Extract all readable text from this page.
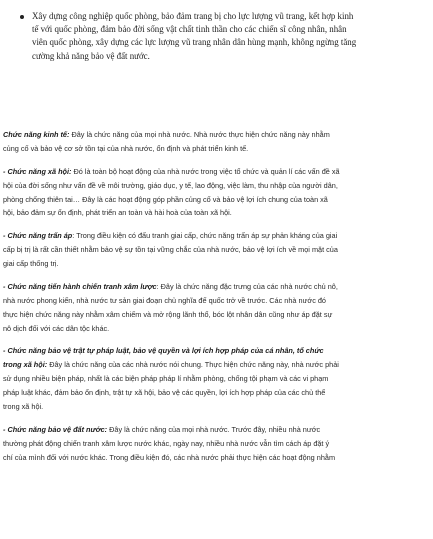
Xây dựng công nghiệp quốc phòng, bảo đảm trang bị cho lực lượng vũ trang, kết hợp kinh
tế với quốc phòng, đảm bảo đời sống vật chất tinh thần cho các chiến sĩ công nhân, nhân
viên quốc phòng, xây dựng các lực lượng vũ trang nhân dân hùng mạnh, không ngừng tăng
cường khả năng bảo vệ đất nước.

Chức năng kinh tế: Đây là chức năng của mọi nhà nước. Nhà nước thực hiện chức năng này nhằm
củng cố và bảo vệ cơ sở tồn tại của nhà nước, ổn định và phát triển kinh tế.

- Chức năng xã hội: Đó là toàn bộ hoạt động của nhà nước trong việc tổ chức và quản lí các vấn đề xã
hội của đời sống như vấn đề về môi trường, giáo dục, y tế, lao động, việc làm, thu nhập của người dân,
phòng chống thiên tai… Đây là các hoạt động góp phần củng cố và bảo vệ lợi ích chung của toàn xã
hội, bảo đảm sự ổn định, phát triển an toàn và hài hoà của toàn xã hội.

- Chức năng trấn áp: Trong điều kiện có đấu tranh giai cấp, chức năng trấn áp sự phản kháng của giai
cấp bị trị là rất cần thiết nhằm bảo vệ sự tồn tại vững chắc của nhà nước, bảo vệ lợi ích về mọi mặt của
giai cấp thống trị.

- Chức năng tiến hành chiến tranh xâm lược: Đây là chức năng đặc trưng của các nhà nước chủ nô,
nhà nước phong kiến, nhà nước tư sản giai đoạn chủ nghĩa đế quốc trở về trước. Các nhà nước đó
thực hiện chức năng này nhằm xâm chiếm và mở rộng lãnh thổ, bóc lột nhân dân cũng như áp đặt sự
nô dịch đối với các dân tộc khác.

- Chức năng bảo vệ trật tự pháp luật, bảo vệ quyền và lợi ích hợp pháp của cá nhân, tổ chức
trong xã hội: Đây là chức năng của các nhà nước nói chung. Thực hiện chức năng này, nhà nước phải
sử dụng nhiều biện pháp, nhất là các biện pháp pháp lí nhằm phòng, chống tội phạm và các vi phạm
pháp luật khác, đảm bảo ổn định, trật tự xã hội, bảo vệ các quyền, lợi ích hợp pháp của các chủ thể
trong xã hội.

- Chức năng bảo vệ đất nước: Đây là chức năng của mọi nhà nước. Trước đây, nhiều nhà nước
thường phát động chiến tranh xâm lược nước khác, ngày nay, nhiều nhà nước vẫn tìm cách áp đặt ý
chí của mình đối với nước khác. Trong điều kiện đó, các nhà nước phải thực hiện các hoạt động nhằm
